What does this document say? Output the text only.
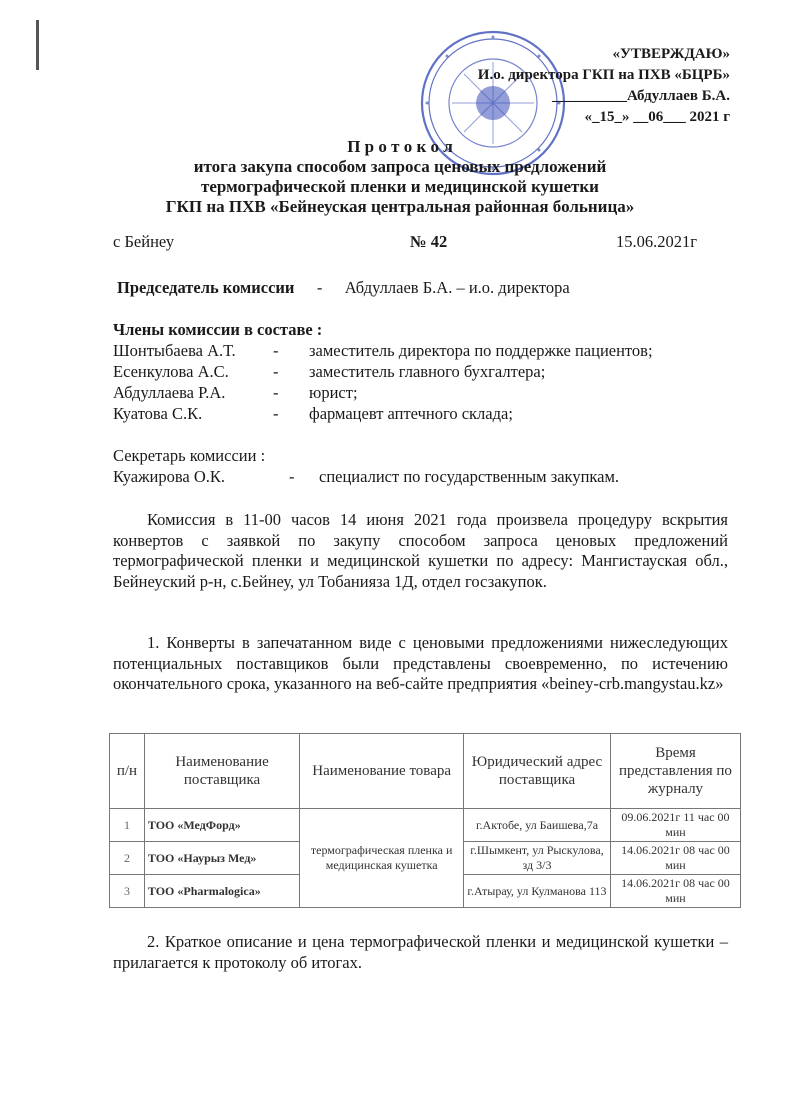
«УТВЕРЖДАЮ»
И.о. директора ГКП на ПХВ «БЦРБ»
__________Абдуллаев Б.А.
«_15_» __06___ 2021 г
П р о т о к о л
итога закупа способом запроса ценовых предложений
термографической пленки и медицинской кушетки
ГКП на ПХВ «Бейнеуская центральная районная больница»
с Бейнеу	№ 42	15.06.2021г
Председатель комиссии - Абдуллаев Б.А. – и.о. директора
Члены комиссии в составе :
Шонтыбаева А.Т. - заместитель директора по поддержке пациентов;
Есенкулова А.С.	- заместитель главного бухгалтера;
Абдуллаева Р.А.	- юрист;
Куатова С.К.	- фармацевт аптечного склада;
Секретарь комиссии :
Куажирова О.К.	- специалист по государственным закупкам.
Комиссия в 11-00 часов 14 июня 2021 года произвела процедуру вскрытия конвертов с заявкой по закупу способом запроса ценовых предложений термографической пленки и медицинской кушетки по адресу: Мангистауская обл., Бейнеуский р-н, с.Бейнеу, ул Тобанияза 1Д, отдел госзакупок.
1. Конверты в запечатанном виде с ценовыми предложениями нижеследующих потенциальных поставщиков были представлены своевременно, по истечению окончательного срока, указанного на веб-сайте предприятия «beiney-crb.mangystau.kz»
п/н	Наименование поставщика	Наименование товара	Юридический адрес поставщика	Время представления по журналу
1	ТОО «МедФорд»	термографическая пленка и медицинская кушетка	г.Актобе, ул Баишева,7а	09.06.2021г 11 час 00 мин
2	ТОО «Наурыз Мед»		г.Шымкент, ул Рыскулова, зд 3/3	14.06.2021г 08 час 00 мин
3	ТОО «Pharmalogica»		г.Атырау, ул Кулманова 113	14.06.2021г 08 час 00 мин
2. Краткое описание и цена термографической пленки и медицинской кушетки – прилагается к протоколу об итогах.
